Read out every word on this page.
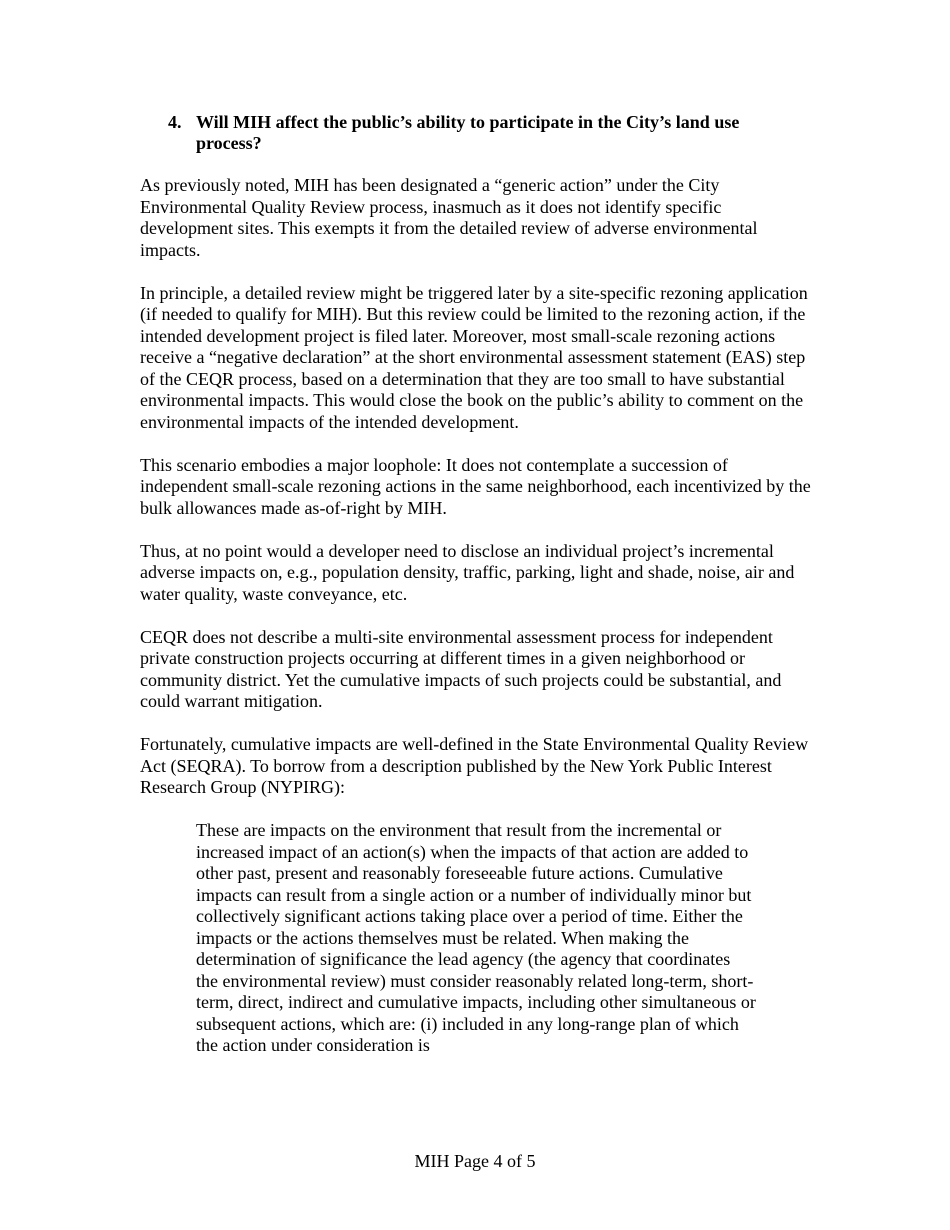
4. Will MIH affect the public’s ability to participate in the City’s land use process?

As previously noted, MIH has been designated a “generic action” under the City Environmental Quality Review process, inasmuch as it does not identify specific development sites. This exempts it from the detailed review of adverse environmental impacts.

In principle, a detailed review might be triggered later by a site-specific rezoning application (if needed to qualify for MIH). But this review could be limited to the rezoning action, if the intended development project is filed later. Moreover, most small-scale rezoning actions receive a “negative declaration” at the short environmental assessment statement (EAS) step of the CEQR process, based on a determination that they are too small to have substantial environmental impacts. This would close the book on the public’s ability to comment on the environmental impacts of the intended development.

This scenario embodies a major loophole: It does not contemplate a succession of independent small-scale rezoning actions in the same neighborhood, each incentivized by the bulk allowances made as-of-right by MIH.

Thus, at no point would a developer need to disclose an individual project’s incremental adverse impacts on, e.g., population density, traffic, parking, light and shade, noise, air and water quality, waste conveyance, etc.

CEQR does not describe a multi-site environmental assessment process for independent private construction projects occurring at different times in a given neighborhood or community district. Yet the cumulative impacts of such projects could be substantial, and could warrant mitigation.

Fortunately, cumulative impacts are well-defined in the State Environmental Quality Review Act (SEQRA). To borrow from a description published by the New York Public Interest Research Group (NYPIRG):

These are impacts on the environment that result from the incremental or increased impact of an action(s) when the impacts of that action are added to other past, present and reasonably foreseeable future actions. Cumulative impacts can result from a single action or a number of individually minor but collectively significant actions taking place over a period of time. Either the impacts or the actions themselves must be related. When making the determination of significance the lead agency (the agency that coordinates the environmental review) must consider reasonably related long-term, short-term, direct, indirect and cumulative impacts, including other simultaneous or subsequent actions, which are: (i) included in any long-range plan of which the action under consideration is
MIH Page 4 of 5
